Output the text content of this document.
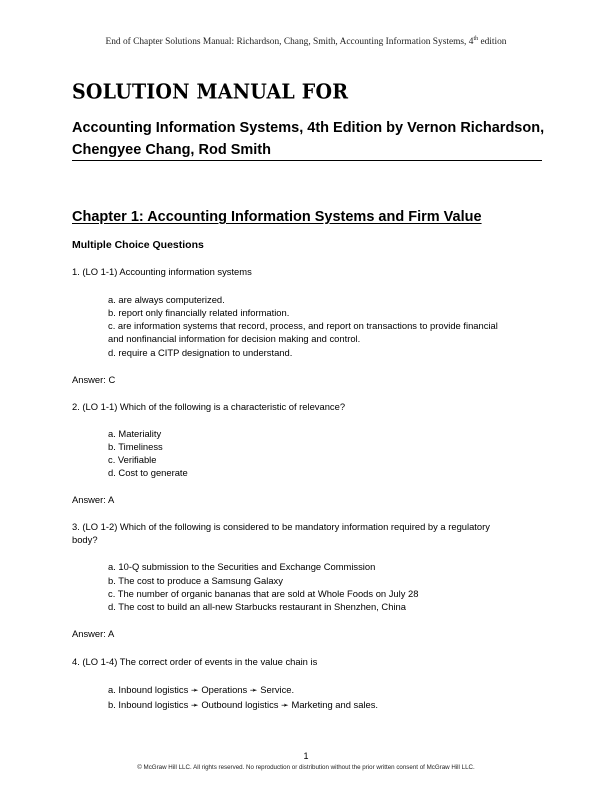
End of Chapter Solutions Manual: Richardson, Chang, Smith, Accounting Information Systems, 4th edition
SOLUTION MANUAL FOR
Accounting Information Systems, 4th Edition by Vernon Richardson, Chengyee Chang, Rod Smith
Chapter 1: Accounting Information Systems and Firm Value
Multiple Choice Questions
1. (LO 1-1) Accounting information systems
a. are always computerized.
b. report only financially related information.
c. are information systems that record, process, and report on transactions to provide financial and nonfinancial information for decision making and control.
d. require a CITP designation to understand.
Answer: C
2. (LO 1-1) Which of the following is a characteristic of relevance?
a. Materiality
b. Timeliness
c. Verifiable
d. Cost to generate
Answer: A
3. (LO 1-2) Which of the following is considered to be mandatory information required by a regulatory body?
a. 10-Q submission to the Securities and Exchange Commission
b. The cost to produce a Samsung Galaxy
c. The number of organic bananas that are sold at Whole Foods on July 28
d. The cost to build an all-new Starbucks restaurant in Shenzhen, China
Answer: A
4. (LO 1-4) The correct order of events in the value chain is
a. Inbound logistics ➛ Operations ➛ Service.
b. Inbound logistics ➛ Outbound logistics ➛ Marketing and sales.
1
© McGraw Hill LLC. All rights reserved. No reproduction or distribution without the prior written consent of McGraw Hill LLC.
